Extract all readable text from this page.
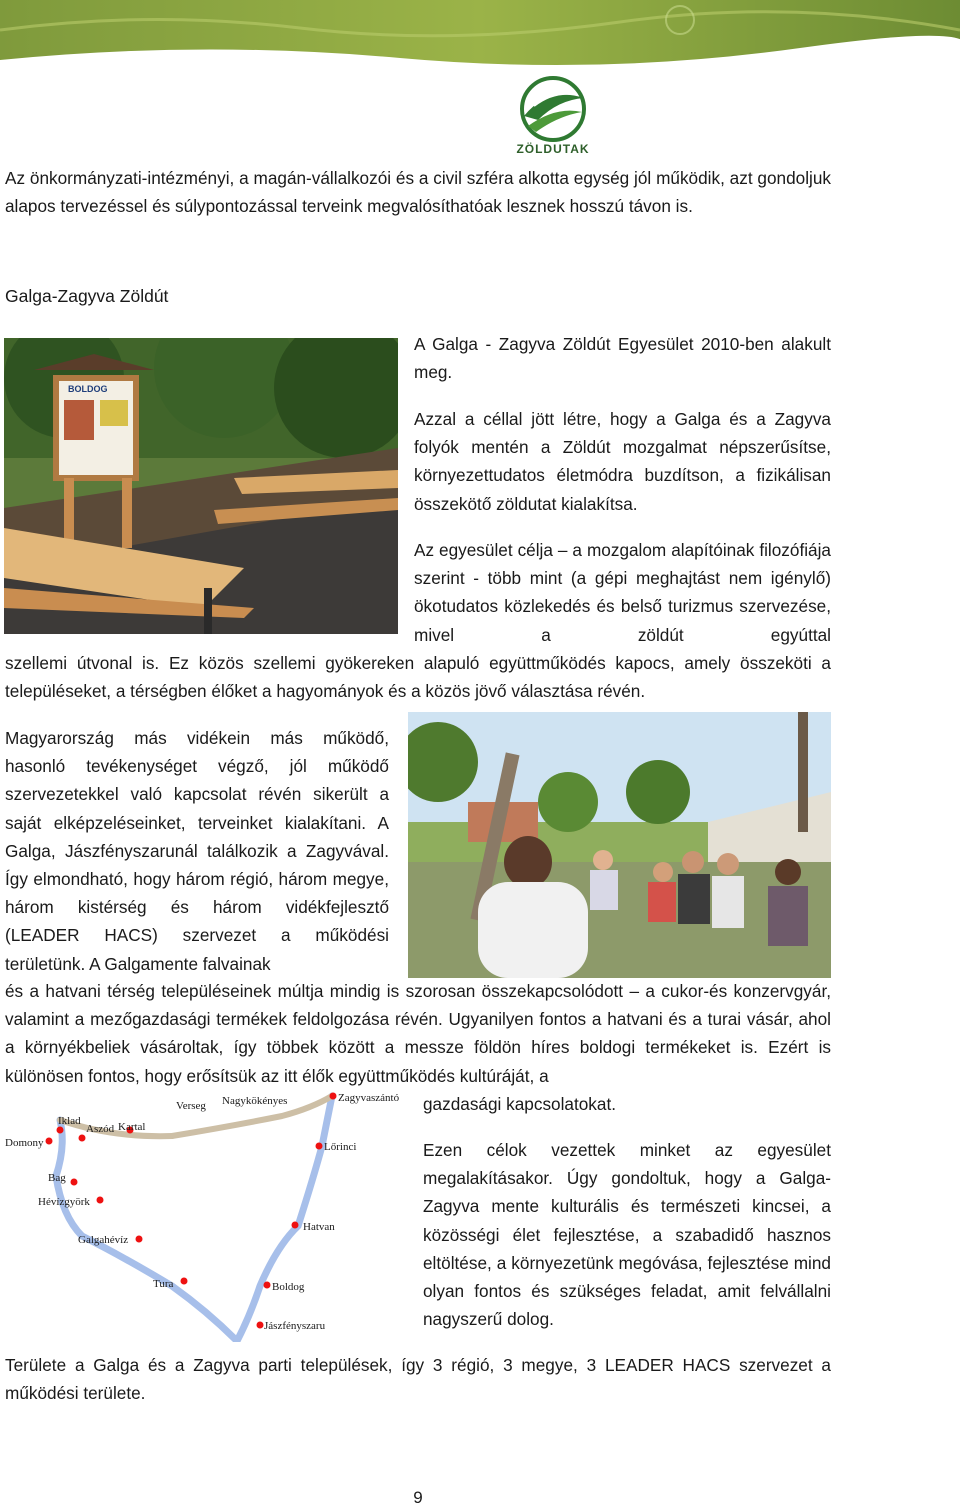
ZÖLDUTAK

Az önkormányzati-intézményi, a magán-vállalkozói és a civil szféra alkotta egység jól működik, azt gondoljuk alapos tervezéssel és súlypontozással terveink megvalósíthatóak lesznek hosszú távon is.

Galga-Zagyva Zöldút
BOLDOG

A Galga - Zagyva Zöldút Egyesület 2010-ben alakult meg.

Azzal a céllal jött létre, hogy a Galga és a Zagyva folyók mentén a Zöldút mozgalmat népszerűsítse, környezettudatos életmódra buzdítson, a fizikálisan összekötő zöldutat kialakítsa.

Az egyesület célja – a mozgalom alapítóinak filozófiája szerint - több mint (a gépi meghajtást nem igénylő) ökotudatos közlekedés és belső turizmus szervezése, mivel a zöldút egyúttal

szellemi útvonal is. Ez közös szellemi gyökereken alapuló együttműködés kapocs, amely összeköti a településeket, a térségben élőket a hagyományok és a közös jövő választása révén.

Magyarország más vidékein más működő, hasonló tevékenységet végző, jól működő szervezetekkel való kapcsolat révén sikerült a saját elképzeléseinket, terveinket kialakítani. A Galga, Jászfényszarunál találkozik a Zagyvával. Így elmondható, hogy három régió, három megye, három kistérség és három vidékfejlesztő (LEADER HACS) szervezet a működési területünk. A Galgamente falvainak

és a hatvani térség településeinek múltja mindig is szorosan összekapcsolódott – a cukor-és konzervgyár, valamint a mezőgazdasági termékek feldolgozása révén. Ugyanilyen fontos a hatvani és a turai vásár, ahol a környékbeliek vásároltak, így többek között a messze földön híres boldogi termékeket is. Ezért is különösen fontos, hogy erősítsük az itt élők együttműködés kultúráját, a

gazdasági kapcsolatokat.

Iklad
Verseg Nagykökényes	Zagyvaszántó
Domony
Aszód Kartal
Lőrinci
Bag
Hévízgyörk
Galgahévíz
Hatvan
Tura	Boldog
Jászfényszaru

Ezen célok vezettek minket az egyesület megalakításakor. Úgy gondoltuk, hogy a Galga-Zagyva mente kulturális és természeti kincsei, a közösségi élet fejlesztése, a szabadidő hasznos eltöltése, a környezetünk megóvása, fejlesztése mind olyan fontos és szükséges feladat, amit felvállalni nagyszerű dolog.

Területe a Galga és a Zagyva parti települések, így 3 régió, 3 megye, 3 LEADER HACS szervezet a működési területe.

9
